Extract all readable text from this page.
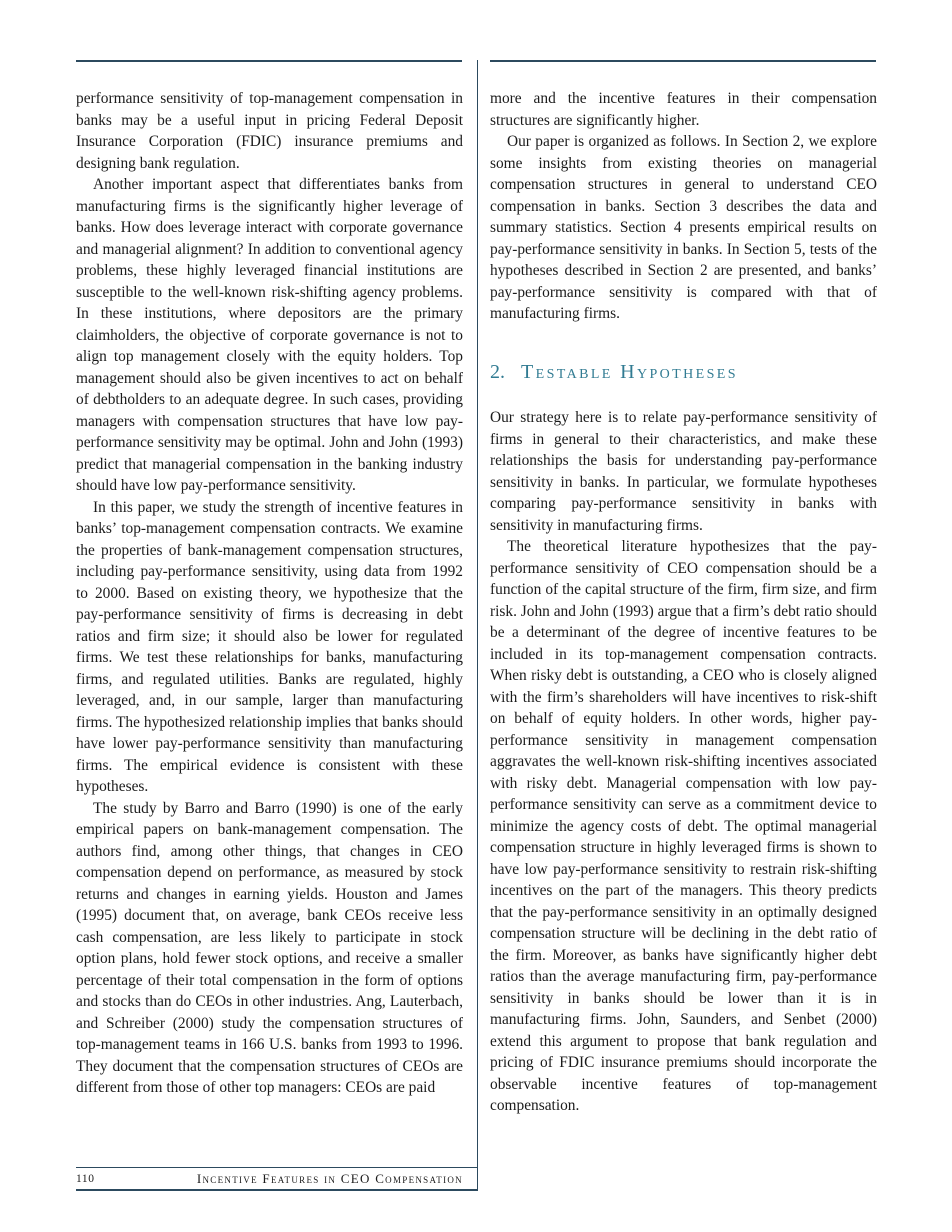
performance sensitivity of top-management compensation in banks may be a useful input in pricing Federal Deposit Insurance Corporation (FDIC) insurance premiums and designing bank regulation.

Another important aspect that differentiates banks from manufacturing firms is the significantly higher leverage of banks. How does leverage interact with corporate governance and managerial alignment? In addition to conventional agency problems, these highly leveraged financial institutions are susceptible to the well-known risk-shifting agency problems. In these institutions, where depositors are the primary claimholders, the objective of corporate governance is not to align top management closely with the equity holders. Top management should also be given incentives to act on behalf of debtholders to an adequate degree. In such cases, providing managers with compensation structures that have low pay-performance sensitivity may be optimal. John and John (1993) predict that managerial compensation in the banking industry should have low pay-performance sensitivity.

In this paper, we study the strength of incentive features in banks’ top-management compensation contracts. We examine the properties of bank-management compensation structures, including pay-performance sensitivity, using data from 1992 to 2000. Based on existing theory, we hypothesize that the pay-performance sensitivity of firms is decreasing in debt ratios and firm size; it should also be lower for regulated firms. We test these relationships for banks, manufacturing firms, and regulated utilities. Banks are regulated, highly leveraged, and, in our sample, larger than manufacturing firms. The hypothesized relationship implies that banks should have lower pay-performance sensitivity than manufacturing firms. The empirical evidence is consistent with these hypotheses.

The study by Barro and Barro (1990) is one of the early empirical papers on bank-management compensation. The authors find, among other things, that changes in CEO compensation depend on performance, as measured by stock returns and changes in earning yields. Houston and James (1995) document that, on average, bank CEOs receive less cash compensation, are less likely to participate in stock option plans, hold fewer stock options, and receive a smaller percentage of their total compensation in the form of options and stocks than do CEOs in other industries. Ang, Lauterbach, and Schreiber (2000) study the compensation structures of top-management teams in 166 U.S. banks from 1993 to 1996. They document that the compensation structures of CEOs are different from those of other top managers: CEOs are paid

more and the incentive features in their compensation structures are significantly higher.

Our paper is organized as follows. In Section 2, we explore some insights from existing theories on managerial compensation structures in general to understand CEO compensation in banks. Section 3 describes the data and summary statistics. Section 4 presents empirical results on pay-performance sensitivity in banks. In Section 5, tests of the hypotheses described in Section 2 are presented, and banks’ pay-performance sensitivity is compared with that of manufacturing firms.

2. Testable Hypotheses

Our strategy here is to relate pay-performance sensitivity of firms in general to their characteristics, and make these relationships the basis for understanding pay-performance sensitivity in banks. In particular, we formulate hypotheses comparing pay-performance sensitivity in banks with sensitivity in manufacturing firms.

The theoretical literature hypothesizes that the pay-performance sensitivity of CEO compensation should be a function of the capital structure of the firm, firm size, and firm risk. John and John (1993) argue that a firm’s debt ratio should be a determinant of the degree of incentive features to be included in its top-management compensation contracts. When risky debt is outstanding, a CEO who is closely aligned with the firm’s shareholders will have incentives to risk-shift on behalf of equity holders. In other words, higher pay-performance sensitivity in management compensation aggravates the well-known risk-shifting incentives associated with risky debt. Managerial compensation with low pay-performance sensitivity can serve as a commitment device to minimize the agency costs of debt. The optimal managerial compensation structure in highly leveraged firms is shown to have low pay-performance sensitivity to restrain risk-shifting incentives on the part of the managers. This theory predicts that the pay-performance sensitivity in an optimally designed compensation structure will be declining in the debt ratio of the firm. Moreover, as banks have significantly higher debt ratios than the average manufacturing firm, pay-performance sensitivity in banks should be lower than it is in manufacturing firms. John, Saunders, and Senbet (2000) extend this argument to propose that bank regulation and pricing of FDIC insurance premiums should incorporate the observable incentive features of top-management compensation.

110	Incentive Features in CEO Compensation
